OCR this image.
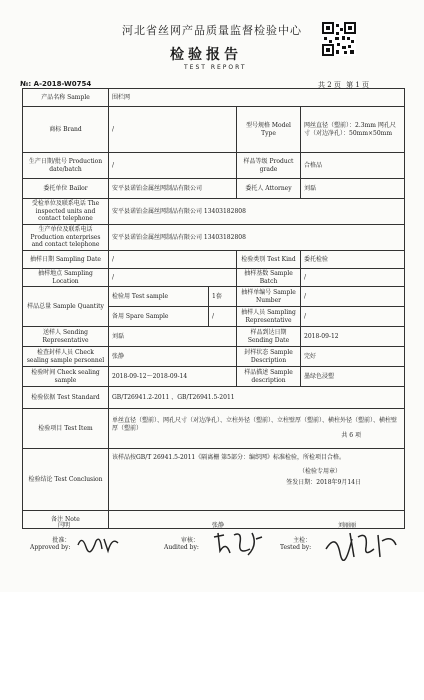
河北省丝网产品质量监督检验中心
检验报告
TEST REPORT
№: A-2018-W0754	共 2 页 第 1 页
产品名称 Sample	围栏网			
商标 Brand	/		型号规格 Model Type	网丝直径（塑前）：2.3mm 网孔尺寸（对边净孔）：50mm×50mm
生产日期/批号 Production date/batch	/		样品等级 Product grade	合格品
委托单位 Bailor	安平县诺铂金属丝网制品有限公司		委托人 Attorney	刘磊
受检单位及联系电话 The inspected units and contact telephone	安平县诺铂金属丝网制品有限公司 13403182808			
生产单位及联系电话 Production enterprises and contact telephone	安平县诺铂金属丝网制品有限公司 13403182808			
抽样日期 Sampling Date	/		检验类别 Test Kind	委托检验
抽样地点 Sampling Location	/		抽样基数 Sample Batch	/
样品总量 Sample Quantity	检验用 Test sample	1套	抽样单编号 Sample Number	/
	备用 Spare Sample	/	抽样人员 Sampling Representative	/
送样人 Sending Representative	刘磊		样品到达日期 Sending Date	2018-09-12
检查封样人员 Check sealing sample personnel	张静		封样状态 Sample Description	完好
检验时间 Check sealing sample	2018-09-12～2018-09-14		样品描述 Sample description	墨绿色浸塑
检验依据 Test Standard	GB/T26941.2-2011 、GB/T26941.5-2011			
检验项目 Test Item	单丝直径（塑前）、网孔尺寸（对边净孔）、立柱外径（塑前）、立柱壁厚（塑前）、横柱外径（塑前）、横柱壁厚（塑前）

共 6 项			

检验结论 Test Conclusion	该样品按GB/T 26941.5-2011《隔离栅 第5部分：编织网》标准检验，所检项目合格。
（检验专用章）
签发日期：2018年9月14日			

备注 Note				
闫明	张静	刘丽丽
批准：
Approved by:
审核：
Audited by:
主检：
Tested by:
